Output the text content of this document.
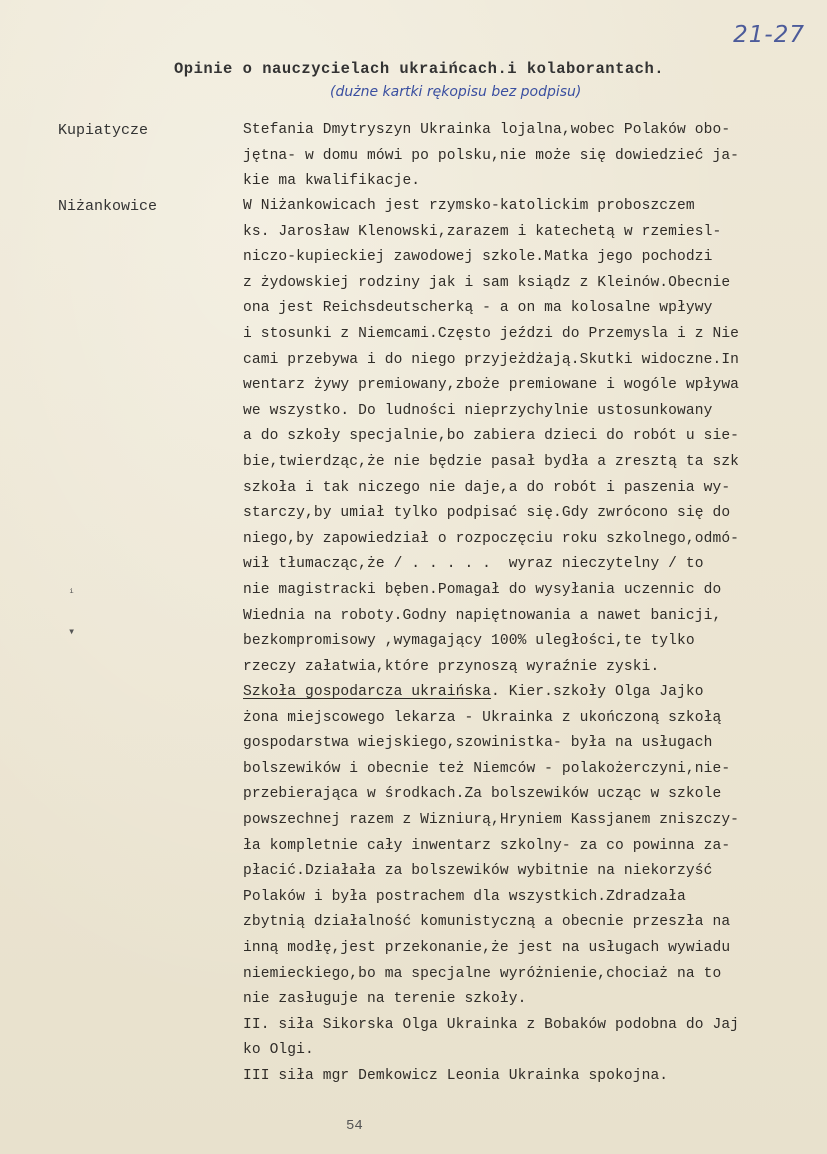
21-27
Opinie o nauczycielach ukraińcach.i kolaborantach.
(dużne kartki rękopisu bez podpisu)
Kupiatycze	Stefania Dmytryszyn Ukrainka lojalna,wobec Polaków obo-
jętna- w domu mówi po polsku,nie może się dowiedzieć ja-
kie ma kwalifikacje.
Niżankowice	W Niżankowicach jest rzymsko-katolickim proboszczem
ks. Jarosław Klenowski,zarazem i katechetą w rzemiesl-
niczo-kupieckiej zawodowej szkole.Matka jego pochodzi
z żydowskiej rodziny jak i sam ksiądz z Kleinów.Obecnie
ona jest Reichsdeutscherką - a on ma kolosalne wpływy
i stosunki z Niemcami.Często jeździ do Przemysla i z Nie
cami przebywa i do niego przyjeżdżają.Skutki widoczne.In
wentarz żywy premiowany,zboże premiowane i wogóle wpływa
we wszystko. Do ludności nieprzychylnie ustosunkowany
a do szkoły specjalnie,bo zabiera dzieci do robót u sie-
bie,twierdząc,że nie będzie pasał bydła a zresztą ta szk
szkoła i tak niczego nie daje,a do robót i paszenia wy-
starczy,by umiał tylko podpisać się.Gdy zwrócono się do
niego,by zapowiedział o rozpoczęciu roku szkolnego,odmó-
wił tłumacząc,że / . . . . .  wyraz nieczytelny / to
nie magistracki bęben.Pomagał do wysyłania uczennic do
Wiednia na roboty.Godny napiętnowania a nawet banicji,
bezkompromisowy ,wymagający 100% uległości,te tylko
rzeczy załatwia,które przynoszą wyraźnie zyski.
Szkoła gospodarcza ukraińska. Kier.szkoły Olga Jajko
żona miejscowego lekarza - Ukrainka z ukończoną szkołą
gospodarstwa wiejskiego,szowinistka- była na usługach
bolszewików i obecnie też Niemców - polakożerczyni,nie-
przebierająca w środkach.Za bolszewików ucząc w szkole
powszechnej razem z Wizniurą,Hryniem Kassjanem zniszczy-
ła kompletnie cały inwentarz szkolny- za co powinna za-
płacić.Działała za bolszewików wybitnie na niekorzyść
Polaków i była postrachem dla wszystkich.Zdradzała
zbytnią działalność komunistyczną a obecnie przeszła na
inną modłę,jest przekonanie,że jest na usługach wywiadu
niemieckiego,bo ma specjalne wyróżnienie,chociaż na to
nie zasługuje na terenie szkoły.
II. siła Sikorska Olga Ukrainka z Bobaków podobna do Jaj
ko Olgi.
III siła mgr Demkowicz Leonia Ukrainka spokojna.
ⁱ
▾
54
